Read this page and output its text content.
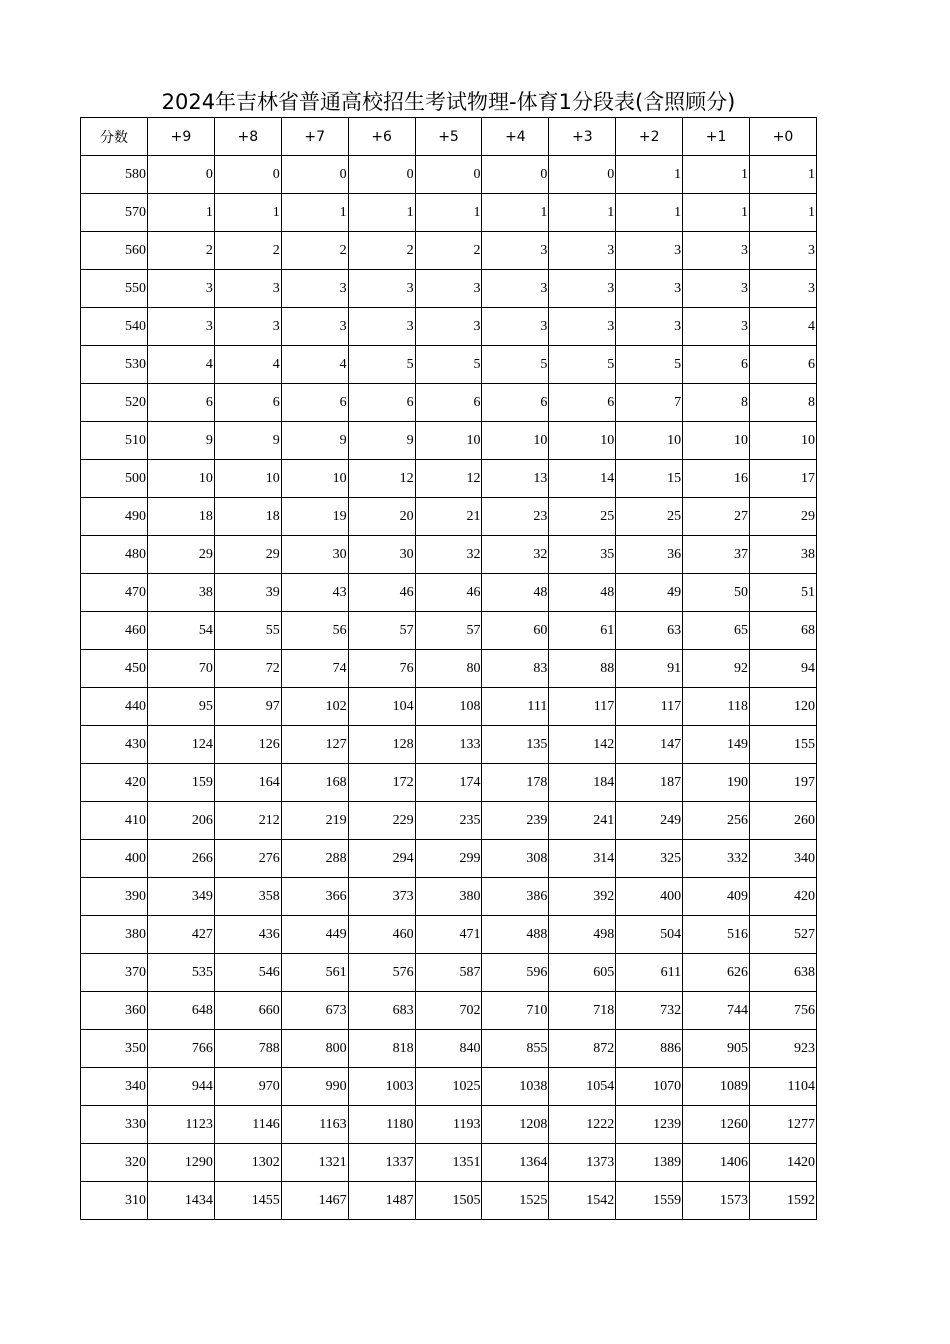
2024年吉林省普通高校招生考试物理-体育1分段表(含照顾分)
分数	+9	+8	+7	+6	+5	+4	+3	+2	+1	+0
580	0	0	0	0	0	0	0	1	1	1
570	1	1	1	1	1	1	1	1	1	1
560	2	2	2	2	2	3	3	3	3	3
550	3	3	3	3	3	3	3	3	3	3
540	3	3	3	3	3	3	3	3	3	4
530	4	4	4	5	5	5	5	5	6	6
520	6	6	6	6	6	6	6	7	8	8
510	9	9	9	9	10	10	10	10	10	10
500	10	10	10	12	12	13	14	15	16	17
490	18	18	19	20	21	23	25	25	27	29
480	29	29	30	30	32	32	35	36	37	38
470	38	39	43	46	46	48	48	49	50	51
460	54	55	56	57	57	60	61	63	65	68
450	70	72	74	76	80	83	88	91	92	94
440	95	97	102	104	108	111	117	117	118	120
430	124	126	127	128	133	135	142	147	149	155
420	159	164	168	172	174	178	184	187	190	197
410	206	212	219	229	235	239	241	249	256	260
400	266	276	288	294	299	308	314	325	332	340
390	349	358	366	373	380	386	392	400	409	420
380	427	436	449	460	471	488	498	504	516	527
370	535	546	561	576	587	596	605	611	626	638
360	648	660	673	683	702	710	718	732	744	756
350	766	788	800	818	840	855	872	886	905	923
340	944	970	990	1003	1025	1038	1054	1070	1089	1104
330	1123	1146	1163	1180	1193	1208	1222	1239	1260	1277
320	1290	1302	1321	1337	1351	1364	1373	1389	1406	1420
310	1434	1455	1467	1487	1505	1525	1542	1559	1573	1592
